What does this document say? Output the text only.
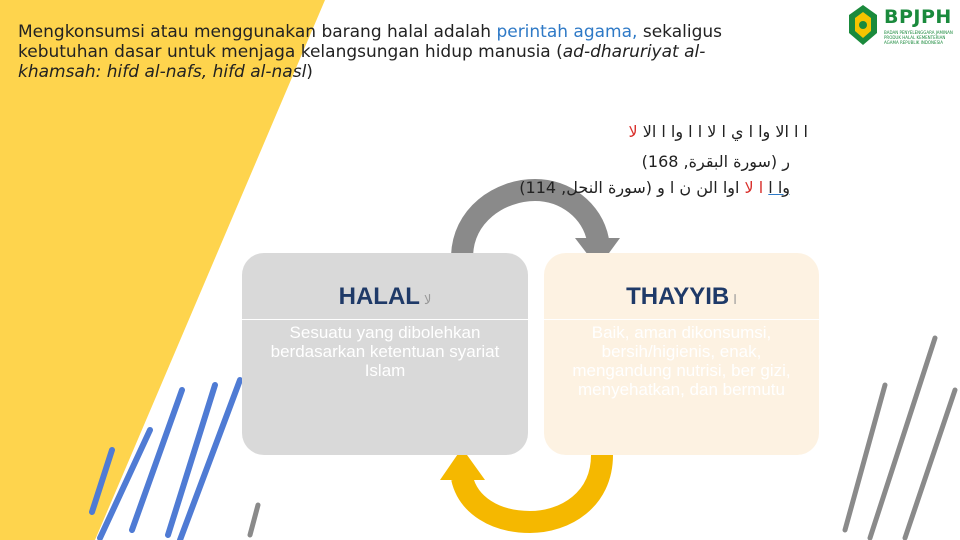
Mengkonsumsi atau menggunakan barang halal adalah perintah agama, sekaligus kebutuhan dasar untuk menjaga kelangsungan hidup manusia (ad-dharuriyat al-khamsah: hifd al-nafs, hifd al-nasl)
BPJPH
BADAN PENYELENGGARA JAMINAN PRODUK HALAL KEMENTERIAN AGAMA REPUBLIK INDONESIA
ا ا الا وا ا ي ا لا ا ا وا ا الا لا
ر (سورة البقرة, 168)
وا ا ا لا اوا الن ن ا و (سورة النحل, 114)
HALAL لا
Sesuatu yang dibolehkan berdasarkan ketentuan syariat Islam
THAYYIB ا
Baik, aman dikonsumsi, bersih/higienis, enak, mengandung nutrisi, ber gizi, menyehatkan, dan bermutu
